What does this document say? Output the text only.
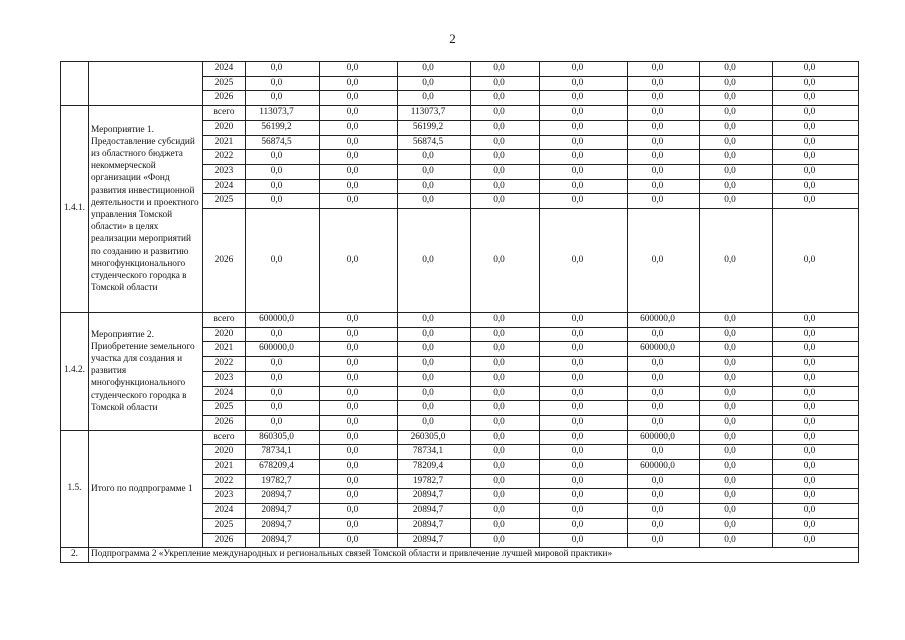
2
		2024	0,0	0,0	0,0	0,0	0,0	0,0	0,0	0,0
		2025	0,0	0,0	0,0	0,0	0,0	0,0	0,0	0,0
		2026	0,0	0,0	0,0	0,0	0,0	0,0	0,0	0,0
1.4.1.	Мероприятие 1. Предоставление субсидий из областного бюджета некоммерческой организации «Фонд развития инвестиционной деятельности и проектного управления Томской области» в целях реализации мероприятий по созданию и развитию многофункционального студенческого городка в Томской области	всего	113073,7	0,0	113073,7	0,0	0,0	0,0	0,0	0,0
		2020	56199,2	0,0	56199,2	0,0	0,0	0,0	0,0	0,0
		2021	56874,5	0,0	56874,5	0,0	0,0	0,0	0,0	0,0
		2022	0,0	0,0	0,0	0,0	0,0	0,0	0,0	0,0
		2023	0,0	0,0	0,0	0,0	0,0	0,0	0,0	0,0
		2024	0,0	0,0	0,0	0,0	0,0	0,0	0,0	0,0
		2025	0,0	0,0	0,0	0,0	0,0	0,0	0,0	0,0
		2026	0,0	0,0	0,0	0,0	0,0	0,0	0,0	0,0
1.4.2.	Мероприятие 2. Приобретение земельного участка для создания и развития многофункционального студенческого городка в Томской области	всего	600000,0	0,0	0,0	0,0	0,0	600000,0	0,0	0,0
		2020	0,0	0,0	0,0	0,0	0,0	0,0	0,0	0,0
		2021	600000,0	0,0	0,0	0,0	0,0	600000,0	0,0	0,0
		2022	0,0	0,0	0,0	0,0	0,0	0,0	0,0	0,0
		2023	0,0	0,0	0,0	0,0	0,0	0,0	0,0	0,0
		2024	0,0	0,0	0,0	0,0	0,0	0,0	0,0	0,0
		2025	0,0	0,0	0,0	0,0	0,0	0,0	0,0	0,0
		2026	0,0	0,0	0,0	0,0	0,0	0,0	0,0	0,0
1.5.	Итого по подпрограмме 1	всего	860305,0	0,0	260305,0	0,0	0,0	600000,0	0,0	0,0
		2020	78734,1	0,0	78734,1	0,0	0,0	0,0	0,0	0,0
		2021	678209,4	0,0	78209,4	0,0	0,0	600000,0	0,0	0,0
		2022	19782,7	0,0	19782,7	0,0	0,0	0,0	0,0	0,0
		2023	20894,7	0,0	20894,7	0,0	0,0	0,0	0,0	0,0
		2024	20894,7	0,0	20894,7	0,0	0,0	0,0	0,0	0,0
		2025	20894,7	0,0	20894,7	0,0	0,0	0,0	0,0	0,0
		2026	20894,7	0,0	20894,7	0,0	0,0	0,0	0,0	0,0
2.	Подпрограмма 2 «Укрепление международных и региональных связей Томской области и привлечение лучшей мировой практики»									
